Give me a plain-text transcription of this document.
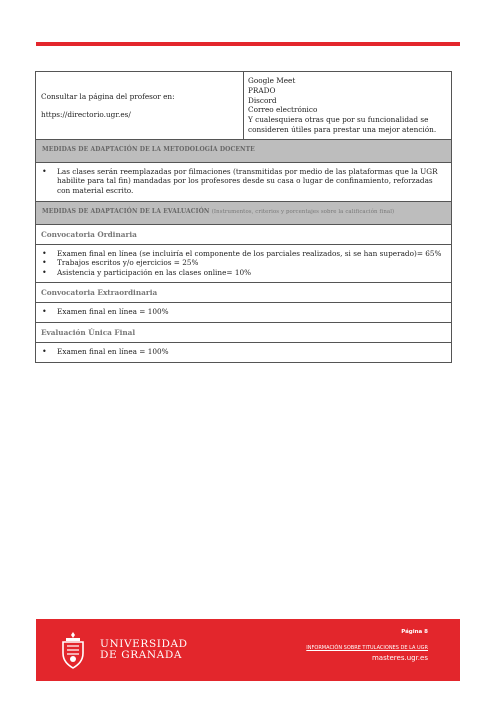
Consultar la página del profesor en:
https://directorio.ugr.es/

Google Meet
PRADO
Discord
Correo electrónico
Y cualesquiera otras que por su funcionalidad se consideren útiles para prestar una mejor atención.

MEDIDAS DE ADAPTACIÓN DE LA METODOLOGÍA DOCENTE

• Las clases serán reemplazadas por filmaciones (transmitidas por medio de las plataformas que la UGR habilite para tal fin) mandadas por los profesores desde su casa o lugar de confinamiento, reforzadas con material escrito.

MEDIDAS DE ADAPTACIÓN DE LA EVALUACIÓN (Instrumentos, criterios y porcentajes sobre la calificación final)
Convocatoria Ordinaria

• Examen final en línea (se incluiría el componente de los parciales realizados, si se han superado)= 65%
• Trabajos escritos y/o ejercicios = 25%
• Asistencia y participación en las clases online= 10%

Convocatoria Extraordinaria

• Examen final en línea = 100%

Evaluación Única Final

• Examen final en línea = 100%
UNIVERSIDAD
DE GRANADA
Página 8
INFORMACIÓN SOBRE TITULACIONES DE LA UGR
masteres.ugr.es
